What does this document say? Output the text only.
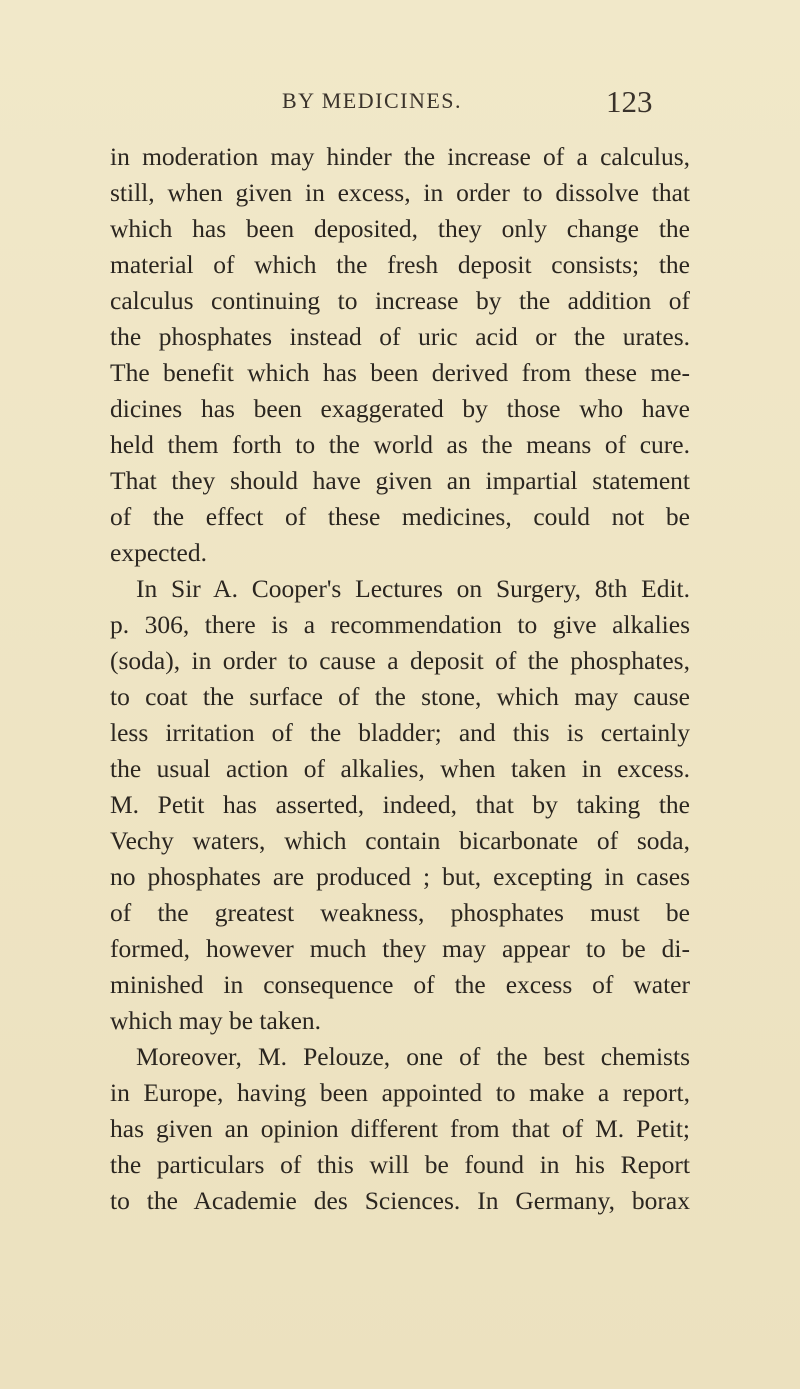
BY MEDICINES.	123
in moderation may hinder the increase of a calculus,
still, when given in excess, in order to dissolve that
which has been deposited, they only change the
material of which the fresh deposit consists; the
calculus continuing to increase by the addition of
the phosphates instead of uric acid or the urates.
The benefit which has been derived from these me-
dicines has been exaggerated by those who have
held them forth to the world as the means of cure.
That they should have given an impartial statement
of the effect of these medicines, could not be
expected.
In Sir A. Cooper's Lectures on Surgery, 8th Edit.
p. 306, there is a recommendation to give alkalies
(soda), in order to cause a deposit of the phosphates,
to coat the surface of the stone, which may cause
less irritation of the bladder; and this is certainly
the usual action of alkalies, when taken in excess.
M. Petit has asserted, indeed, that by taking the
Vechy waters, which contain bicarbonate of soda,
no phosphates are produced ; but, excepting in cases
of the greatest weakness, phosphates must be
formed, however much they may appear to be di-
minished in consequence of the excess of water
which may be taken.
Moreover, M. Pelouze, one of the best chemists
in Europe, having been appointed to make a report,
has given an opinion different from that of M. Petit;
the particulars of this will be found in his Report
to the Academie des Sciences. In Germany, borax
